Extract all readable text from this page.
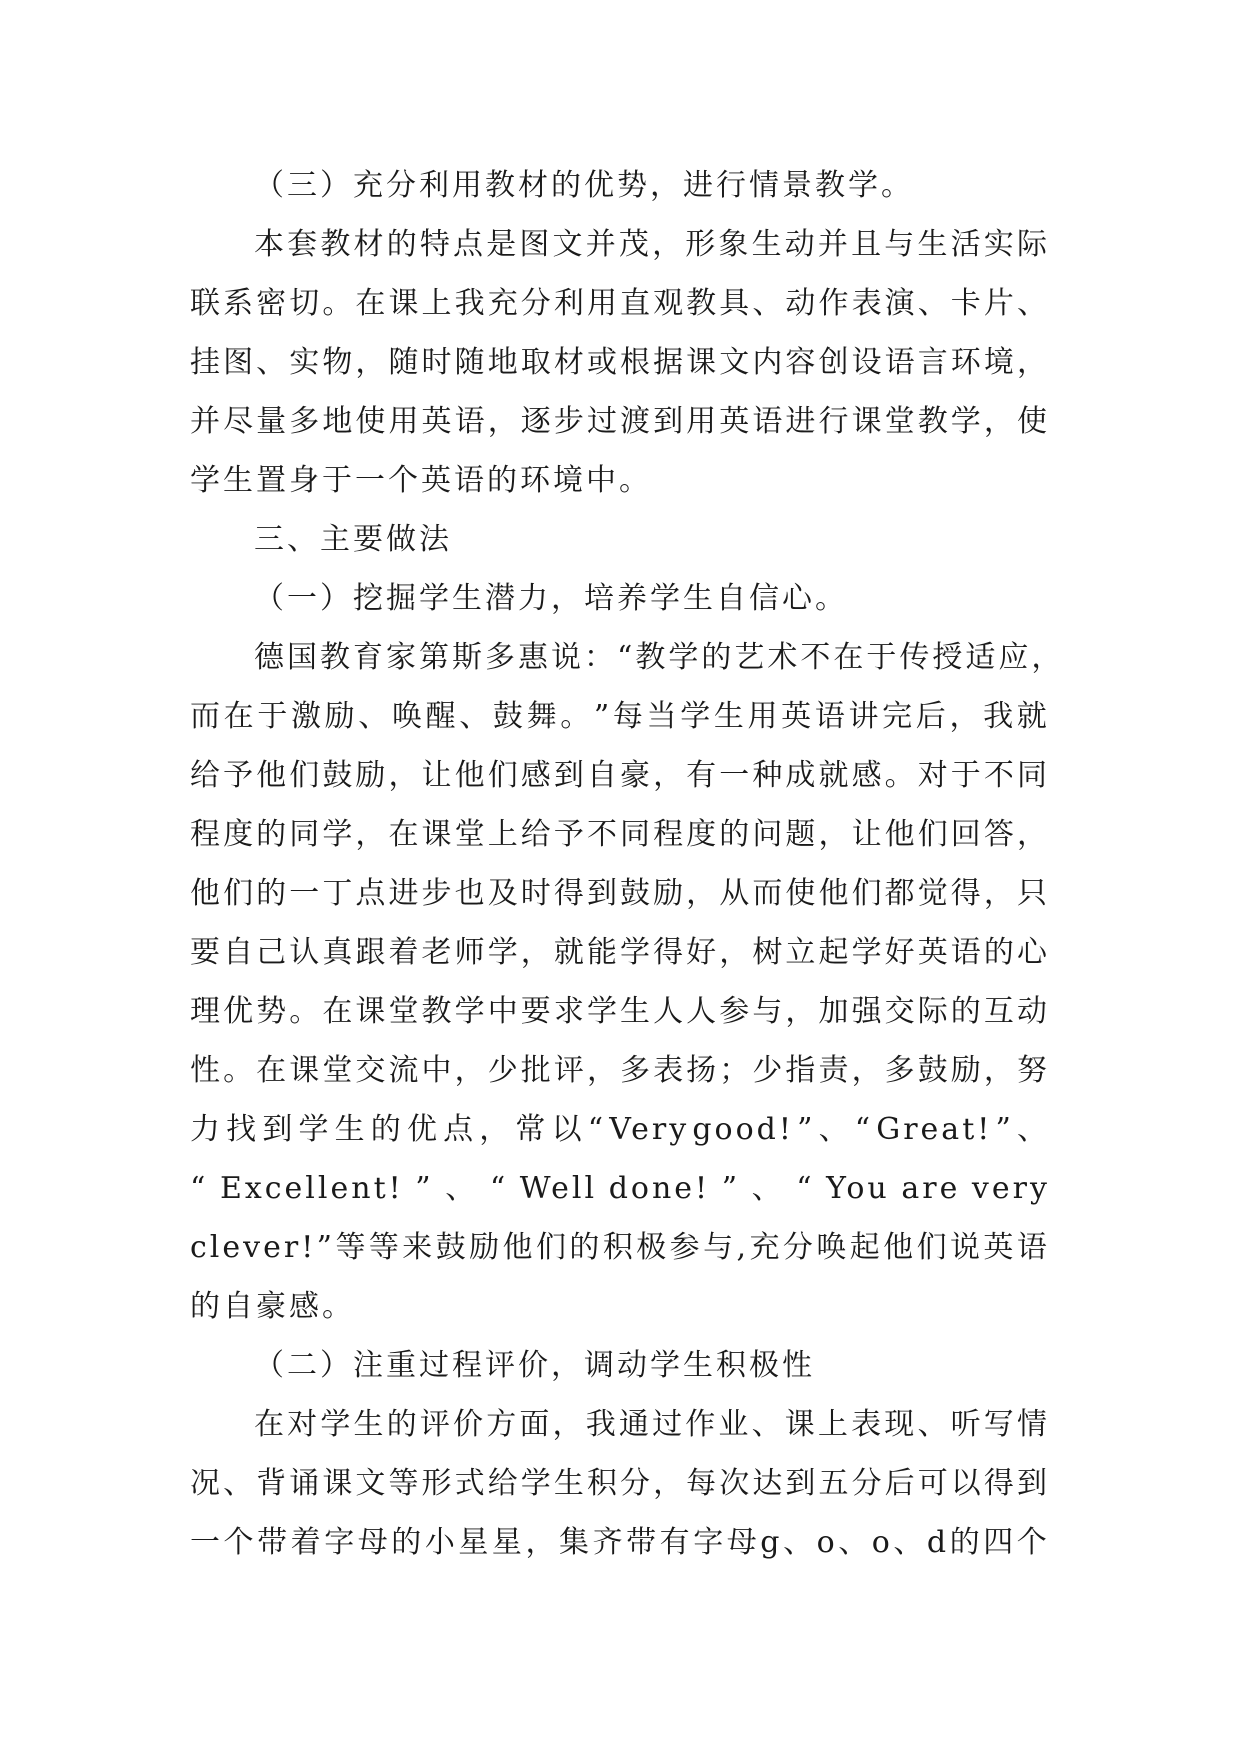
（三）充分利用教材的优势，进行情景教学。
本 套 教 材 的 特 点 是 图 文 并 茂 ， 形 象 生 动 并 且 与 生 活 实 际
联 系 密 切 。 在 课 上 我 充 分 利 用 直 观 教 具 、 动 作 表 演 、 卡 片 、
挂 图 、 实 物 ， 随 时 随 地 取 材 或 根 据 课 文 内 容 创 设 语 言 环 境 ，
并 尽 量 多 地 使 用 英 语 ， 逐 步 过 渡 到 用 英 语 进 行 课 堂 教 学 ， 使
学生置身于一个英语的环境中。
三、主要做法
（一）挖掘学生潜力，培养学生自信心。
德 国 教 育 家 第 斯 多 惠 说 ： “ 教 学 的 艺 术 不 在 于 传 授 适 应 ，
而 在 于 激 励 、 唤 醒 、 鼓 舞 。 ” 每 当 学 生 用 英 语 讲 完 后 ， 我 就
给 予 他 们 鼓 励 ， 让 他 们 感 到 自 豪 ， 有 一 种 成 就 感 。 对 于 不 同
程 度 的 同 学 ， 在 课 堂 上 给 予 不 同 程 度 的 问 题 ， 让 他 们 回 答 ，
他 们 的 一 丁 点 进 步 也 及 时 得 到 鼓 励 ， 从 而 使 他 们 都 觉 得 ， 只
要 自 己 认 真 跟 着 老 师 学 ， 就 能 学 得 好 ， 树 立 起 学 好 英 语 的 心
理 优 势 。 在 课 堂 教 学 中 要 求 学 生 人 人 参 与 ， 加 强 交 际 的 互 动
性 。 在 课 堂 交 流 中 ， 少 批 评 ， 多 表 扬 ； 少 指 责 ， 多 鼓 励 ， 努
力 找 到 学 生 的 优 点 ， 常 以 “ Very good! ” 、 “ Great! ” 、
“ Excellent! ” 、 “ Well done! ” 、 “ You are very
clever! ” 等 等 来 鼓 励 他 们 的 积 极 参 与 , 充 分 唤 起 他 们 说 英 语
的自豪感。
（二）注重过程评价，调动学生积极性
在 对 学 生 的 评 价 方 面 ， 我 通 过 作 业 、 课 上 表 现 、 听 写 情
况 、 背 诵 课 文 等 形 式 给 学 生 积 分 ， 每 次 达 到 五 分 后 可 以 得 到
一 个 带 着 字 母 的 小 星 星 ， 集 齐 带 有 字 母 g 、 o 、 o 、 d 的 四 个
